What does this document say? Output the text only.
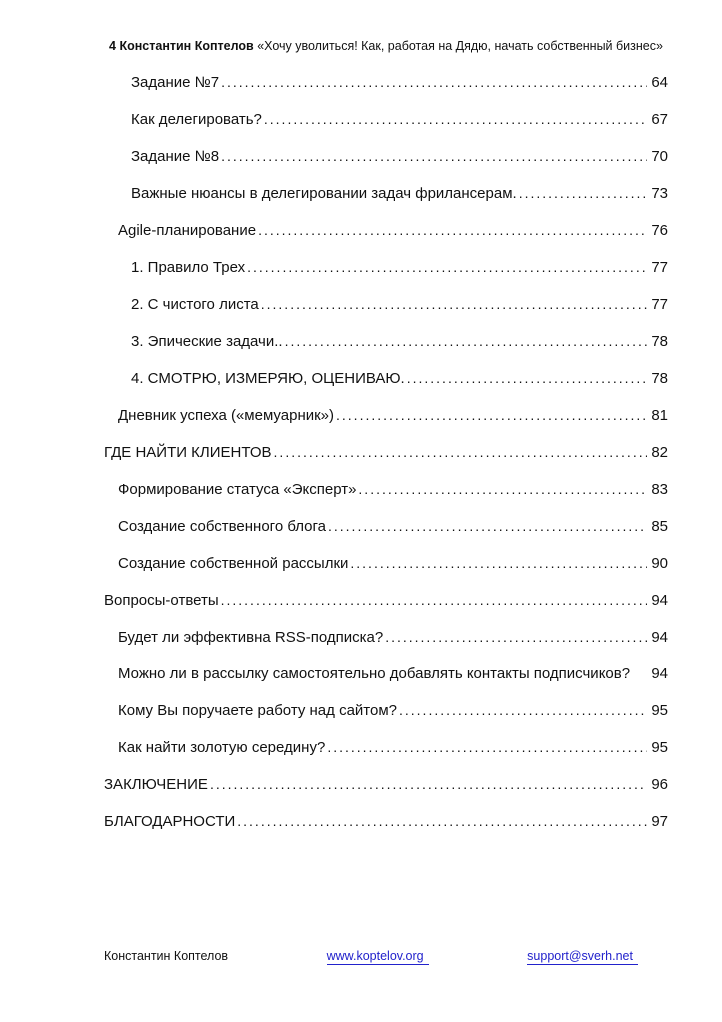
4 Константин Коптелов «Хочу уволиться! Как, работая на Дядю, начать собственный бизнес»
Задание №7 .....	64
Как делегировать? .....	67
Задание №8 .....	70
Важные нюансы в делегировании задач фрилансерам. .....	73
Agile-планирование .....	76
1. Правило Трех .....	77
2. С чистого листа .....	77
3. Эпические задачи.. .....	78
4. СМОТРЮ, ИЗМЕРЯЮ, ОЦЕНИВАЮ. .....	78
Дневник успеха («мемуарник») .....	81
ГДЕ НАЙТИ КЛИЕНТОВ .....	82
Формирование статуса «Эксперт» .....	83
Создание собственного блога .....	85
Создание собственной рассылки .....	90
Вопросы-ответы .....	94
Будет ли эффективна RSS-подписка? .....	94
Можно ли в рассылку самостоятельно добавлять контакты подписчиков? 94
Кому Вы поручаете работу над сайтом? .....	95
Как найти золотую середину? .....	95
ЗАКЛЮЧЕНИЕ .....	96
БЛАГОДАРНОСТИ .....	97
Константин Коптелов	www.koptelov.org	support@sverh.net
